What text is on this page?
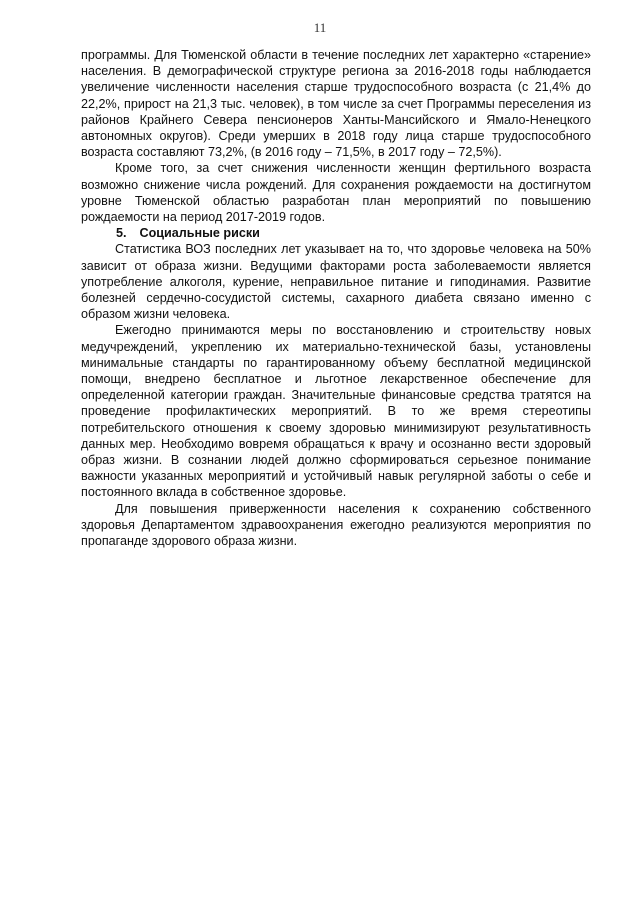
11

программы. Для Тюменской области в течение последних лет характерно «старение» населения. В демографической структуре региона за 2016-2018 годы наблюдается увеличение численности населения старше трудоспособного возраста (с 21,4% до 22,2%, прирост на 21,3 тыс. человек), в том числе за счет Программы переселения из районов Крайнего Севера пенсионеров Ханты-Мансийского и Ямало-Ненецкого автономных округов). Среди умерших в 2018 году лица старше трудоспособного возраста составляют 73,2%, (в 2016 году – 71,5%, в 2017 году – 72,5%).

Кроме того, за счет снижения численности женщин фертильного возраста возможно снижение числа рождений. Для сохранения рождаемости на достигнутом уровне Тюменской областью разработан план мероприятий по повышению рождаемости на период 2017-2019 годов.

5. Социальные риски

Статистика ВОЗ последних лет указывает на то, что здоровье человека на 50% зависит от образа жизни. Ведущими факторами роста заболеваемости является употребление алкоголя, курение, неправильное питание и гиподинамия. Развитие болезней сердечно-сосудистой системы, сахарного диабета связано именно с образом жизни человека.

Ежегодно принимаются меры по восстановлению и строительству новых медучреждений, укреплению их материально-технической базы, установлены минимальные стандарты по гарантированному объему бесплатной медицинской помощи, внедрено бесплатное и льготное лекарственное обеспечение для определенной категории граждан. Значительные финансовые средства тратятся на проведение профилактических мероприятий. В то же время стереотипы потребительского отношения к своему здоровью минимизируют результативность данных мер. Необходимо вовремя обращаться к врачу и осознанно вести здоровый образ жизни. В сознании людей должно сформироваться серьезное понимание важности указанных мероприятий и устойчивый навык регулярной заботы о себе и постоянного вклада в собственное здоровье.

Для повышения приверженности населения к сохранению собственного здоровья Департаментом здравоохранения ежегодно реализуются мероприятия по пропаганде здорового образа жизни.
